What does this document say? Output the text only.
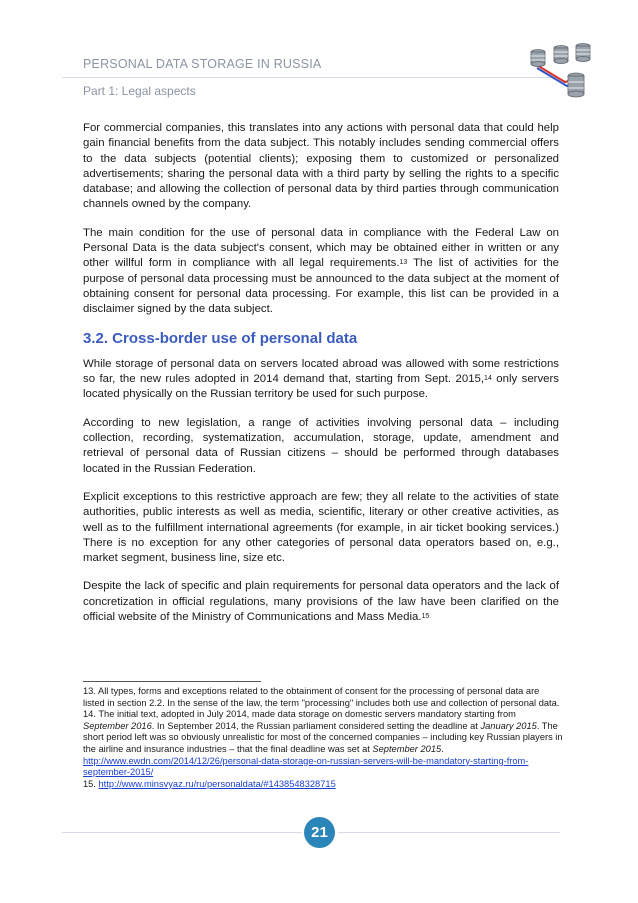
PERSONAL DATA STORAGE IN RUSSIA
Part 1: Legal aspects

For commercial companies, this translates into any actions with personal data that could help gain financial benefits from the data subject. This notably includes sending commercial offers to the data subjects (potential clients); exposing them to customized or personalized advertisements; sharing the personal data with a third party by selling the rights to a specific database; and allowing the collection of personal data by third parties through communication channels owned by the company.

The main condition for the use of personal data in compliance with the Federal Law on Personal Data is the data subject's consent, which may be obtained either in written or any other willful form in compliance with all legal requirements.$^{13}$ The list of activities for the purpose of personal data processing must be announced to the data subject at the moment of obtaining consent for personal data processing. For example, this list can be provided in a disclaimer signed by the data subject.

3.2. Cross-border use of personal data

While storage of personal data on servers located abroad was allowed with some restrictions so far, the new rules adopted in 2014 demand that, starting from Sept. 2015,14 only servers located physically on the Russian territory be used for such purpose.

According to new legislation, a range of activities involving personal data – including collection, recording, systematization, accumulation, storage, update, amendment and retrieval of personal data of Russian citizens – should be performed through databases located in the Russian Federation.

Explicit exceptions to this restrictive approach are few; they all relate to the activities of state authorities, public interests as well as media, scientific, literary or other creative activities, as well as to the fulfillment international agreements (for example, in air ticket booking services.) There is no exception for any other categories of personal data operators based on, e.g., market segment, business line, size etc.

Despite the lack of specific and plain requirements for personal data operators and the lack of concretization in official regulations, many provisions of the law have been clarified on the official website of the Ministry of Communications and Mass Media.$^{15}$

13. All types, forms and exceptions related to the obtainment of consent for the processing of personal data are listed in section 2.2. In the sense of the law, the term "processing" includes both use and collection of personal data.

14. The initial text, adopted in July 2014, made data storage on domestic servers mandatory starting from September 2016. In September 2014, the Russian parliament considered setting the deadline at January 2015. The short period left was so obviously unrealistic for most of the concerned companies – including key Russian players in the airline and insurance industries – that the final deadline was set at September 2015.
http://www.ewdn.com/2014/12/26/personal-data-storage-on-russian-servers-will-be-mandatory-starting-from-september-2015/

15. http://www.minsvyaz.ru/ru/personaldata/#1438548328715

21
